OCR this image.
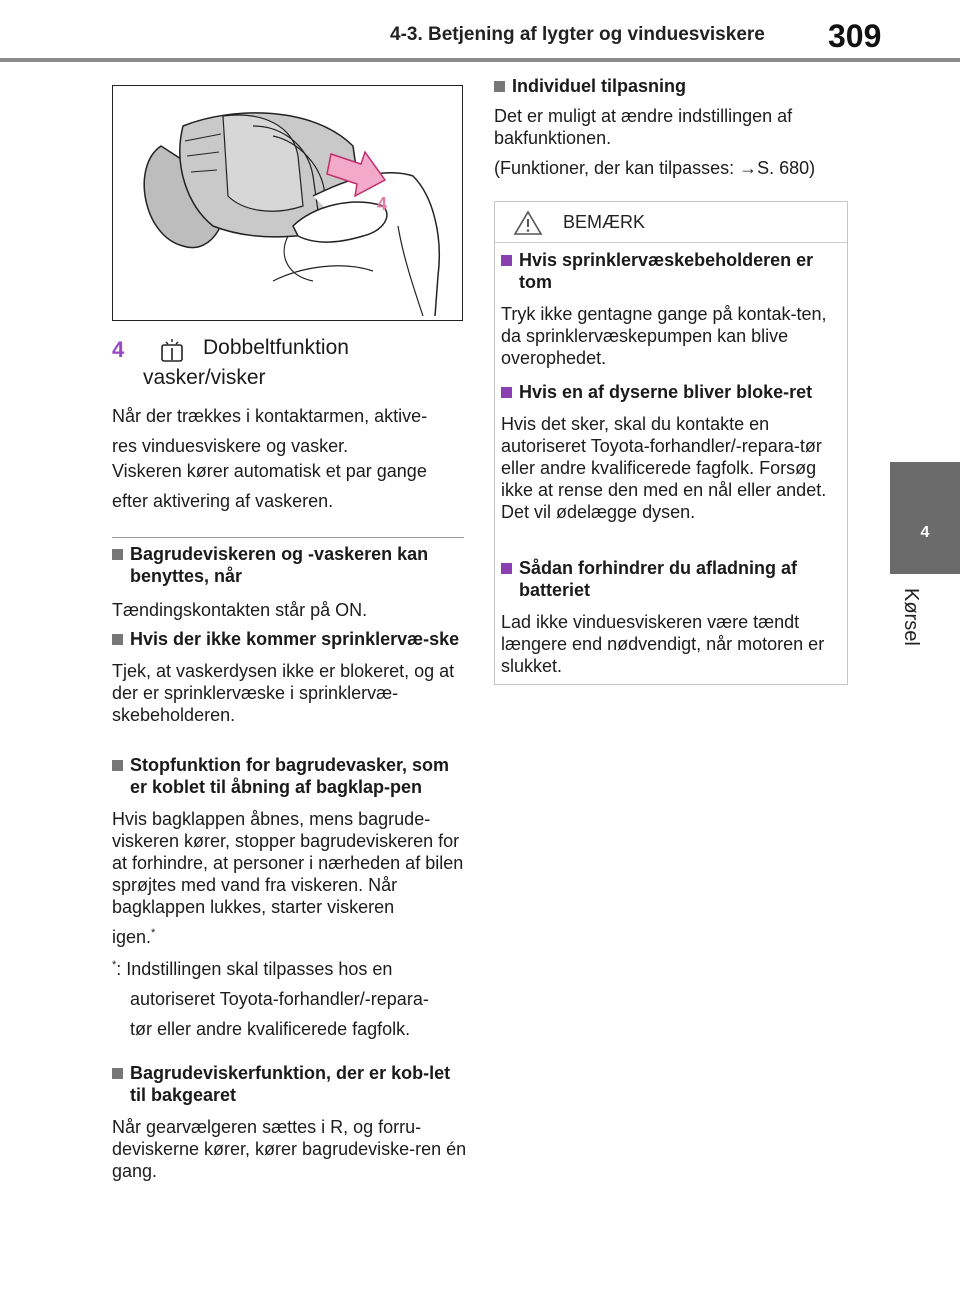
4-3. Betjening af lygter og vinduesviskere 309
4
Kørsel
4
4	Dobbeltfunktion
vasker/visker
Når der trækkes i kontaktarmen, aktive-
res vinduesviskere og vasker.
Viskeren kører automatisk et par gange
efter aktivering af vaskeren.

Bagrudeviskeren og -vaskeren kan benyttes, når

Tændingskontakten står på ON.

Hvis der ikke kommer sprinklervæ-ske

Tjek, at vaskerdysen ikke er blokeret, og at der er sprinklervæske i sprinklervæ-skebeholderen.

Stopfunktion for bagrudevasker, som er koblet til åbning af bagklap-pen

Hvis bagklappen åbnes, mens bagrude-viskeren kører, stopper bagrudeviskeren for at forhindre, at personer i nærheden af bilen sprøjtes med vand fra viskeren. Når bagklappen lukkes, starter viskeren

igen.*

*: Indstillingen skal tilpasses hos en
autoriseret Toyota-forhandler/-repara-
tør eller andre kvalificerede fagfolk.

Bagrudeviskerfunktion, der er kob-let til bakgearet

Når gearvælgeren sættes i R, og forru-deviskerne kører, kører bagrudeviske-ren én gang.

Individuel tilpasning

Det er muligt at ændre indstillingen af bakfunktionen.

(Funktioner, der kan tilpasses: →S. 680)

BEMÆRK

Hvis sprinklervæskebeholderen er tom

Tryk ikke gentagne gange på kontak-ten, da sprinklervæskepumpen kan blive overophedet.

Hvis en af dyserne bliver bloke-ret

Hvis det sker, skal du kontakte en autoriseret Toyota-forhandler/-repara-tør eller andre kvalificerede fagfolk. Forsøg ikke at rense den med en nål eller andet. Det vil ødelægge dysen.

Sådan forhindrer du afladning af batteriet

Lad ikke vinduesviskeren være tændt længere end nødvendigt, når motoren er slukket.
